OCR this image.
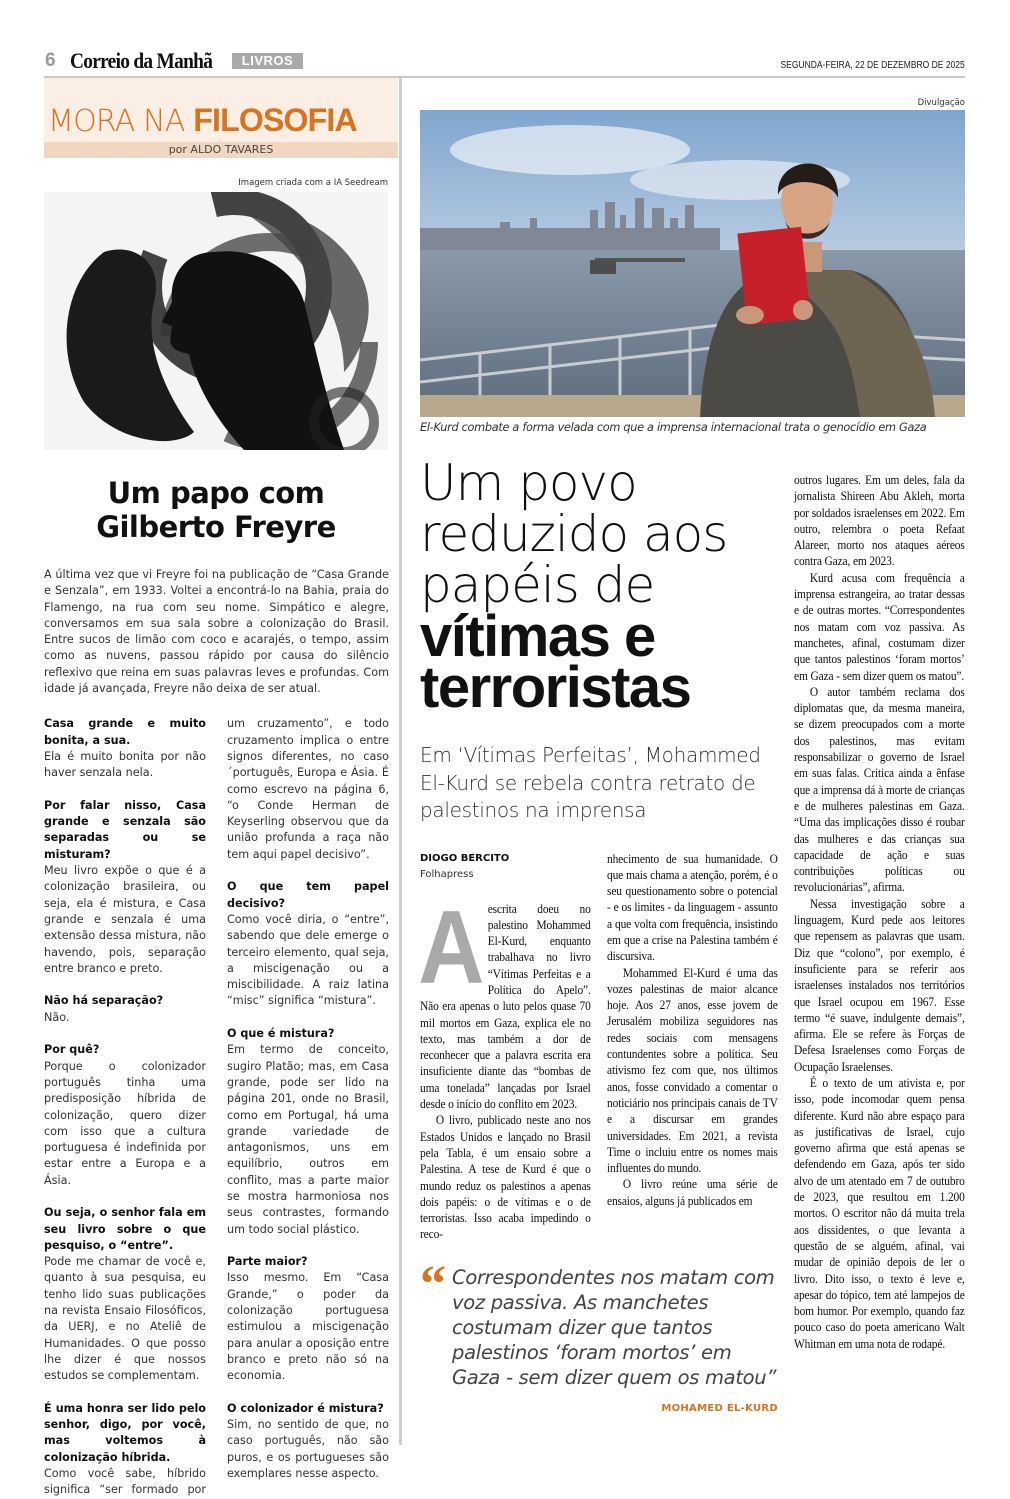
6 Correio da Manhã	LIVROS	SEGUNDA-FEIRA, 22 DE DEZEMBRO DE 2025
MORA NA FILOSOFIA
por ALDO TAVARES
Imagem criada com a IA Seedream
Um papo com
Gilberto Freyre
A última vez que vi Freyre foi na publicação de “Casa Grande e Senzala”, em 1933. Voltei a encontrá-lo na Bahia, praia do Flamengo, na rua com seu nome. Simpático e alegre, conversamos em sua sala sobre a colonização do Brasil. Entre sucos de limão com coco e acarajés, o tempo, assim como as nuvens, passou rápido por causa do silêncio reflexivo que reina em suas palavras leves e profundas. Com idade já avançada, Freyre não deixa de ser atual.
Casa grande e muito bonita, a sua.
Ela é muito bonita por não haver senzala nela.
Por falar nisso, Casa grande e senzala são separadas ou se misturam?
Meu livro expõe o que é a colonização brasileira, ou seja, ela é mistura, e Casa grande e senzala é uma extensão dessa mistura, não havendo, pois, separação entre branco e preto.
Não há separação?
Não.
Por quê?
Porque o colonizador português tinha uma predisposição híbrida de colonização, quero dizer com isso que a cultura portuguesa é indefinida por estar entre a Europa e a Ásia.
Ou seja, o senhor fala em seu livro sobre o que pesquiso, o “entre”.
Pode me chamar de você e, quanto à sua pesquisa, eu tenho lido suas publicações na revista Ensaio Filosóficos, da UERJ, e no Ateliê de Humanidades. O que posso lhe dizer é que nossos estudos se complementam.
É uma honra ser lido pelo senhor, digo, por você, mas voltemos à colonização híbrida.
Como você sabe, híbrido significa “ser formado por um cruzamento”, e todo cruzamento implica o entre signos diferentes, no caso ´português, Europa e Ásia. É como escrevo na página 6, “o Conde Herman de Keyserling observou que da união profunda a raça não tem aqui papel decisivo”.
O que tem papel decisivo?
Como você diria, o “entre”, sabendo que dele emerge o terceiro elemento, qual seja, a miscigenação ou a miscibilidade. A raiz latina “misc” significa “mistura”.
O que é mistura?
Em termo de conceito, sugiro Platão; mas, em Casa grande, pode ser lido na página 201, onde no Brasil, como em Portugal, há uma grande variedade de antagonismos, uns em equilíbrio, outros em conflito, mas a parte maior se mostra harmoniosa nos seus contrastes, formando um todo social plástico.
Parte maior?
Isso mesmo. Em “Casa Grande,” o poder da colonização portuguesa estimulou a miscigenação para anular a oposição entre branco e preto não só na economia.
O colonizador é mistura?
Sim, no sentido de que, no caso português, não são puros, e os portugueses são exemplares nesse aspecto.
Divulgação
El-Kurd combate a forma velada com que a imprensa internacional trata o genocídio em Gaza
Um povo
reduzido aos
papéis de
vítimas e
terroristas
Em ‘Vítimas Perfeitas’, Mohammed El-Kurd se rebela contra retrato de palestinos na imprensa
DIOGO BERCITO
Folhapress

Aescrita doeu no palestino Mohammed El-Kurd, enquanto trabalhava no livro “Vítimas Perfeitas e a Política do Apelo”. Não era apenas o luto pelos quase 70 mil mortos em Gaza, explica ele no texto, mas também a dor de reconhecer que a palavra escrita era insuficiente diante das “bombas de uma tonelada” lançadas por Israel desde o início do conflito em 2023.

O livro, publicado neste ano nos Estados Unidos e lançado no Brasil pela Tabla, é um ensaio sobre a Palestina. A tese de Kurd é que o mundo reduz os palestinos a apenas dois papéis: o de vítimas e o de terroristas. Isso acaba impedindo o reco-

nhecimento de sua humanidade. O que mais chama a atenção, porém, é o seu questionamento sobre o potencial - e os limites - da linguagem - assunto a que volta com frequência, insistindo em que a crise na Palestina também é discursiva.

Mohammed El-Kurd é uma das vozes palestinas de maior alcance hoje. Aos 27 anos, esse jovem de Jerusalém mobiliza seguidores nas redes sociais com mensagens contundentes sobre a política. Seu ativismo fez com que, nos últimos anos, fosse convidado a comentar o noticiário nos principais canais de TV e a discursar em grandes universidades. Em 2021, a revista Time o incluiu entre os nomes mais influentes do mundo.

O livro reúne uma série de ensaios, alguns já publicados em

“ Correspondentes nos matam com voz passiva. As manchetes costumam dizer que tantos palestinos ‘foram mortos’ em Gaza - sem dizer quem os matou”
MOHAMED EL-KURD

outros lugares. Em um deles, fala da jornalista Shireen Abu Akleh, morta por soldados israelenses em 2022. Em outro, relembra o poeta Refaat Alareer, morto nos ataques aéreos contra Gaza, em 2023.

Kurd acusa com frequência a imprensa estrangeira, ao tratar dessas e de outras mortes. “Correspondentes nos matam com voz passiva. As manchetes, afinal, costumam dizer que tantos palestinos ‘foram mortos’ em Gaza - sem dizer quem os matou”.

O autor também reclama dos diplomatas que, da mesma maneira, se dizem preocupados com a morte dos palestinos, mas evitam responsabilizar o governo de Israel em suas falas. Critica ainda a ênfase que a imprensa dá à morte de crianças e de mulheres palestinas em Gaza. “Uma das implicações disso é roubar das mulheres e das crianças sua capacidade de ação e suas contribuições políticas ou revolucionárias”, afirma.

Nessa investigação sobre a linguagem, Kurd pede aos leitores que repensem as palavras que usam. Diz que “colono”, por exemplo, é insuficiente para se referir aos israelenses instalados nos territórios que Israel ocupou em 1967. Esse termo “é suave, indulgente demais”, afirma. Ele se refere às Forças de Defesa Israelenses como Forças de Ocupação Israelenses.

É o texto de um ativista e, por isso, pode incomodar quem pensa diferente. Kurd não abre espaço para as justificativas de Israel, cujo governo afirma que está apenas se defendendo em Gaza, após ter sido alvo de um atentado em 7 de outubro de 2023, que resultou em 1.200 mortos. O escritor não dá muita trela aos dissidentes, o que levanta a questão de se alguém, afinal, vai mudar de opinião depois de ler o livro. Dito isso, o texto é leve e, apesar do tópico, tem até lampejos de bom humor. Por exemplo, quando faz pouco caso do poeta americano Walt Whitman em uma nota de rodapé.
